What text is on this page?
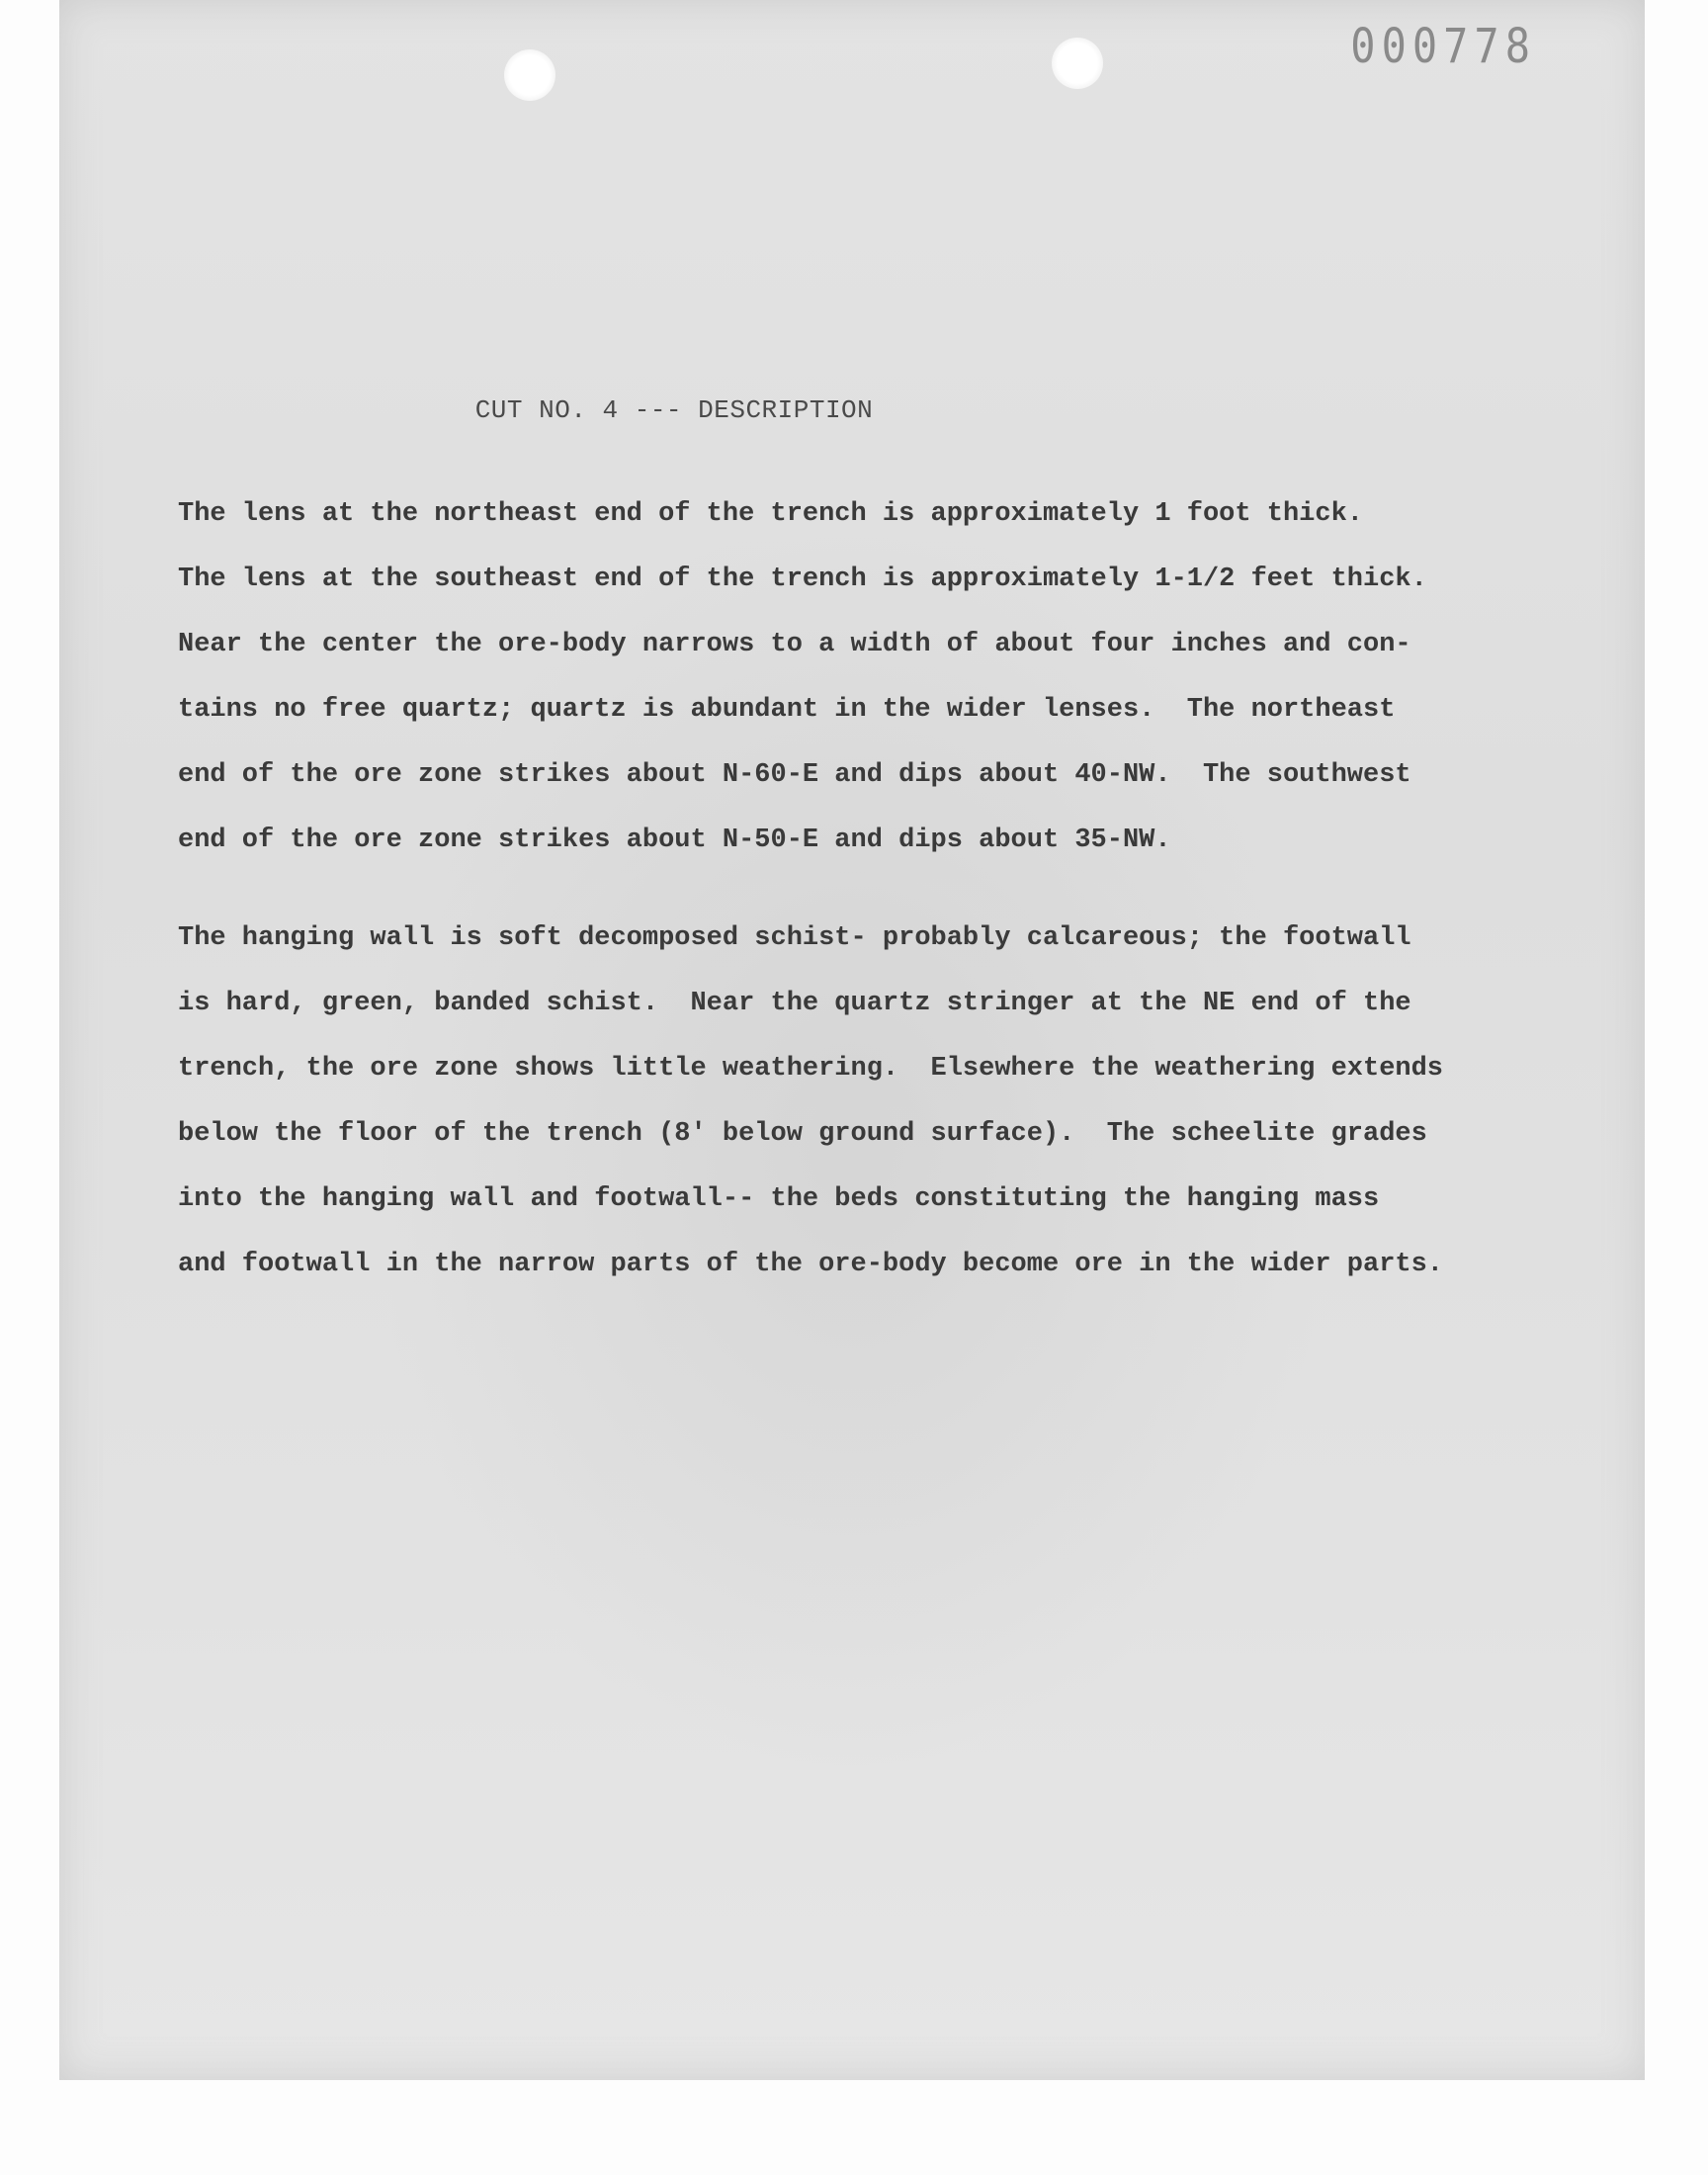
000778
CUT NO. 4 --- DESCRIPTION

The lens at the northeast end of the trench is approximately 1 foot thick.
The lens at the southeast end of the trench is approximately 1-1/2 feet thick.
Near the center the ore-body narrows to a width of about four inches and con-
tains no free quartz; quartz is abundant in the wider lenses.  The northeast
end of the ore zone strikes about N-60-E and dips about 40-NW.  The southwest
end of the ore zone strikes about N-50-E and dips about 35-NW.

The hanging wall is soft decomposed schist- probably calcareous; the footwall
is hard, green, banded schist.  Near the quartz stringer at the NE end of the
trench, the ore zone shows little weathering.  Elsewhere the weathering extends
below the floor of the trench (8' below ground surface).  The scheelite grades
into the hanging wall and footwall-- the beds constituting the hanging mass
and footwall in the narrow parts of the ore-body become ore in the wider parts.
